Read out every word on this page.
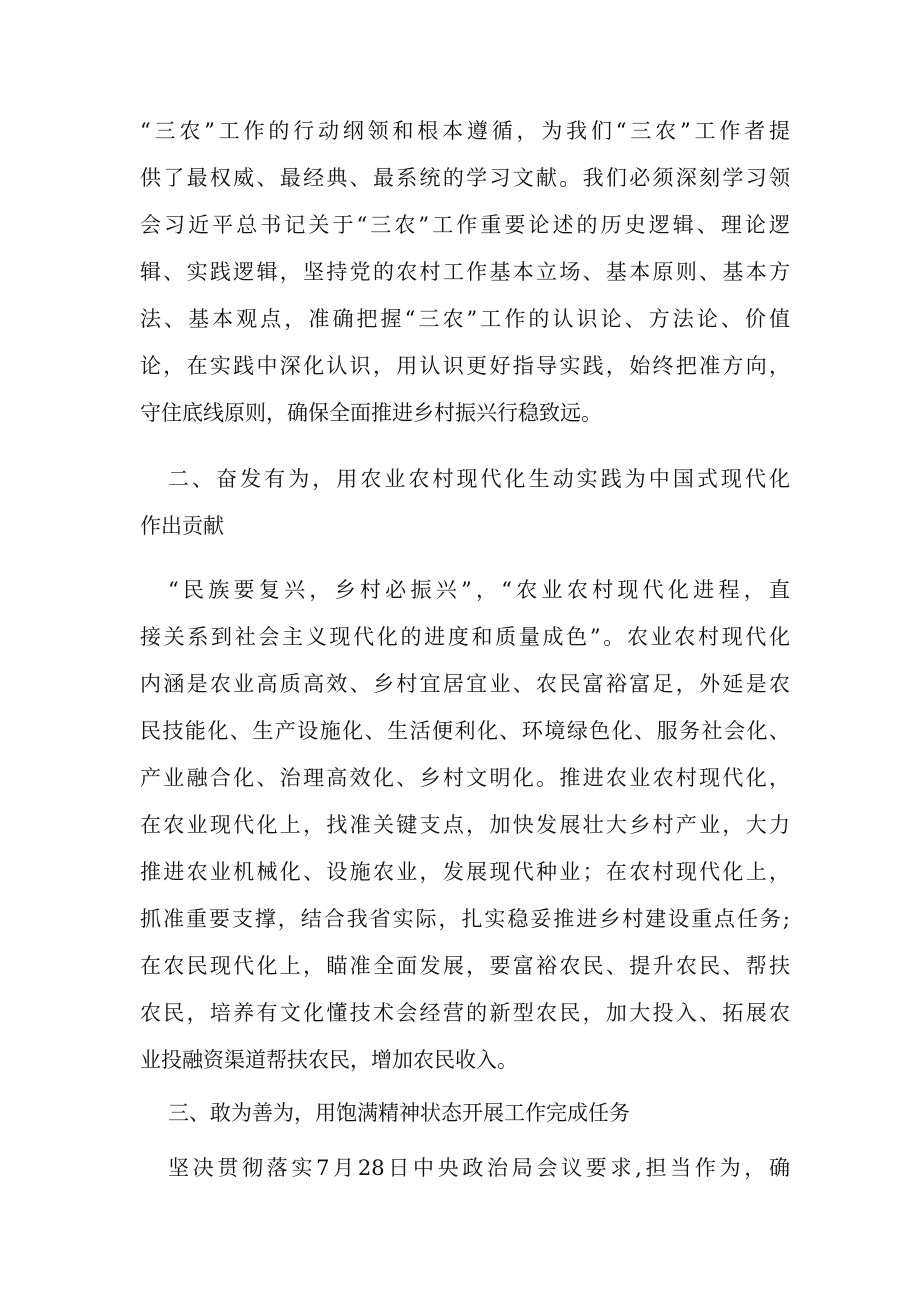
“三农”工作的行动纲领和根本遵循，为我们“三农”工作者提
供了最权威、最经典、最系统的学习文献。我们必须深刻学习领
会习近平总书记关于“三农”工作重要论述的历史逻辑、理论逻
辑、实践逻辑，坚持党的农村工作基本立场、基本原则、基本方
法、基本观点，准确把握“三农”工作的认识论、方法论、价值
论，在实践中深化认识，用认识更好指导实践，始终把准方向，
守住底线原则，确保全面推进乡村振兴行稳致远。
二、奋发有为，用农业农村现代化生动实践为中国式现代化
作出贡献
“民族要复兴，乡村必振兴”，“农业农村现代化进程，直
接关系到社会主义现代化的进度和质量成色”。农业农村现代化
内涵是农业高质高效、乡村宜居宜业、农民富裕富足，外延是农
民技能化、生产设施化、生活便利化、环境绿色化、服务社会化、
产业融合化、治理高效化、乡村文明化。推进农业农村现代化，
在农业现代化上，找准关键支点，加快发展壮大乡村产业，大力
推进农业机械化、设施农业，发展现代种业；在农村现代化上，
抓准重要支撑，结合我省实际，扎实稳妥推进乡村建设重点任务;
在农民现代化上，瞄准全面发展，要富裕农民、提升农民、帮扶
农民，培养有文化懂技术会经营的新型农民，加大投入、拓展农
业投融资渠道帮扶农民，增加农民收入。
三、敢为善为，用饱满精神状态开展工作完成任务
坚决贯彻落实7月28日中央政治局会议要求,担当作为，确
